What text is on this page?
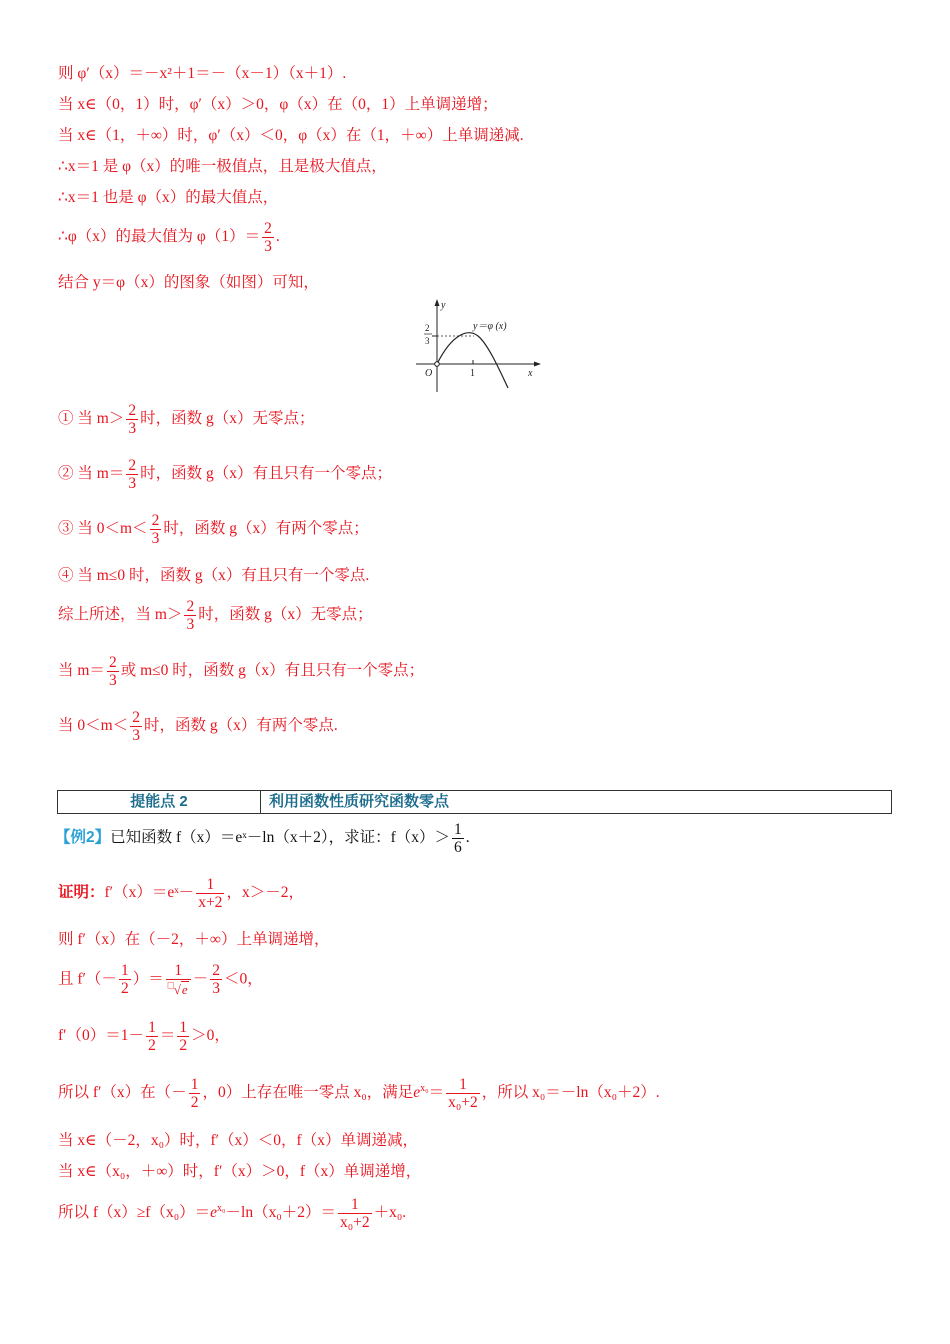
则 φ′（x）＝－x²＋1＝－（x－1）（x＋1）.
当 x∈（0，1）时，φ′（x）＞0，φ（x）在（0，1）上单调递增；
当 x∈（1，＋∞）时，φ′（x）＜0，φ（x）在（1，＋∞）上单调递减.
∴x＝1 是 φ（x）的唯一极值点，且是极大值点，
∴x＝1 也是 φ（x）的最大值点，
∴φ（x）的最大值为 $\varphi(1)= \frac{2}{3}$ .
结合 y＝φ（x）的图象（如图）可知，
y
x
O	1
2
3
y＝φ (x)
① 当 $m> \frac{2}{3}$ 时，函数 g（x）无零点；
② 当 $m= \frac{2}{3}$ 时，函数 g（x）有且只有一个零点；
③ 当 $0<m< \frac{2}{3}$ 时，函数 g（x）有两个零点；
④ 当 m≤0 时，函数 g（x）有且只有一个零点.
综上所述，当 $m> \frac{2}{3}$ 时，函数 g（x）无零点；
当 $m= \frac{2}{3}$ 或 m≤0 时，函数 g（x）有且只有一个零点；
当 $0<m< \frac{2}{3}$ 时，函数 g（x）有两个零点.
提能点 2	利用函数性质研究函数零点
【例2】已知函数 f（x）＝eˣ－ln（x＋2），求证：$f(x)> \frac{1}{6}$ .
证明：f′（x）＝eˣ－ $\frac{1}{x+2}$ ，x＞－2，
则 f′（x）在（－2，＋∞）上单调递增，
且 $f'(- \frac{1}{2}$ ）＝ $\frac{1}{^□√e} - \frac{2}{3} <0$，
$f'(0)=1- \frac{1}{2} = \frac{1}{2} >0$，
所以 f′（x）在（－ $\frac{1}{2}$ ，0）上存在唯一零点 x₀，满足$e^{x_0}= \frac{1}{\text{x₀+2}}$ ，所以 x₀＝－ln（x₀＋2）.
当 x∈（－2，x₀）时，f′（x）＜0，f（x）单调递减，
当 x∈（x₀，＋∞）时，f′（x）＞0，f（x）单调递增，
所以 $f(x)\ge f(x_0)=e^{x_0}-\ln(x_0+2)= \frac{1}{\text{x₀+2}} +x_0$.
